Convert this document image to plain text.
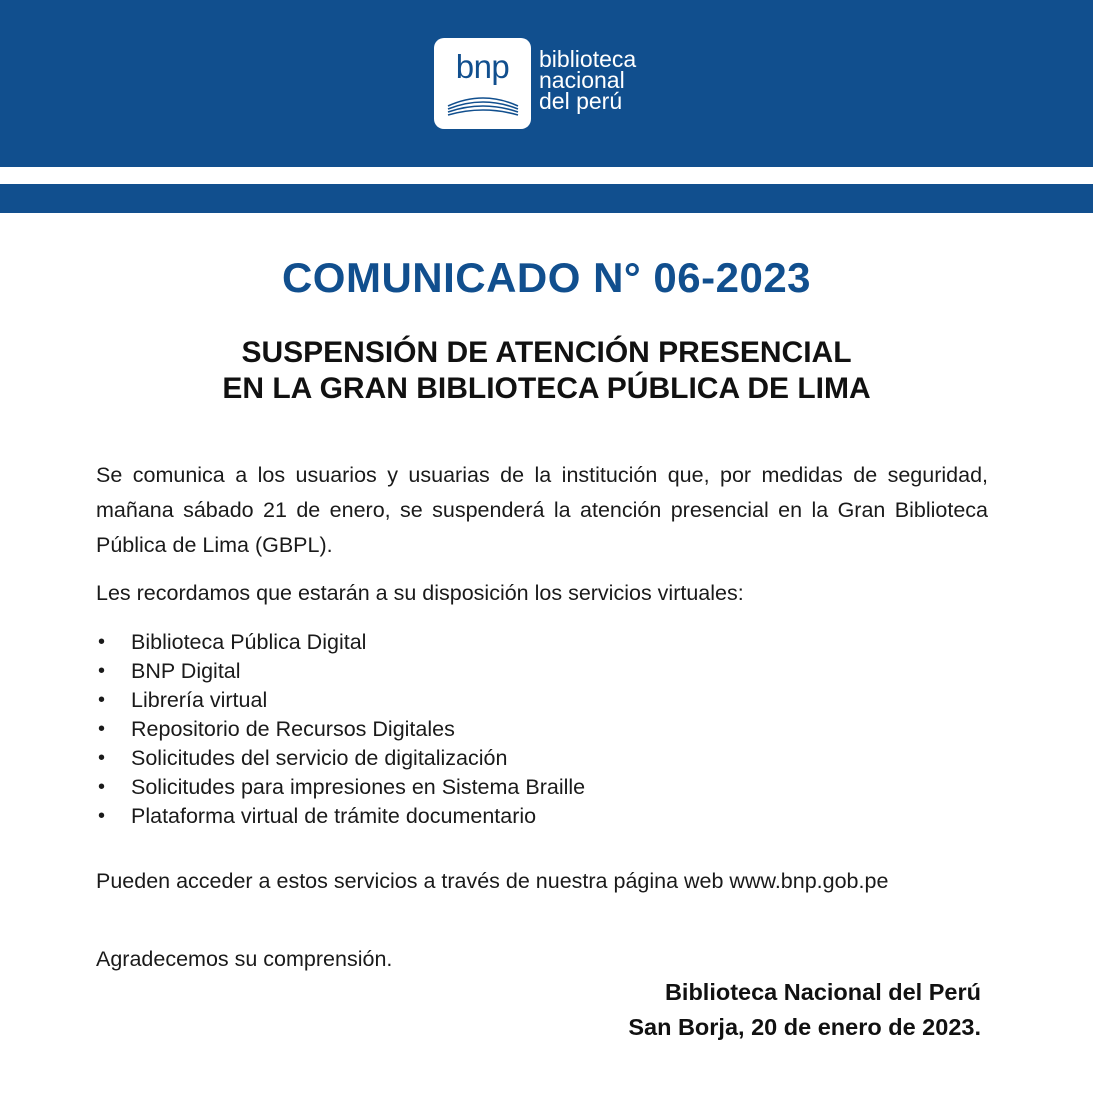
bnp	biblioteca
nacional
del perú
COMUNICADO N° 06-2023
SUSPENSIÓN DE ATENCIÓN PRESENCIAL
EN LA GRAN BIBLIOTECA PÚBLICA DE LIMA
Se comunica a los usuarios y usuarias de la institución que, por medidas de seguridad, mañana sábado 21 de enero, se suspenderá la atención presencial en la Gran Biblioteca Pública de Lima (GBPL).
Les recordamos que estarán a su disposición los servicios virtuales:
• Biblioteca Pública Digital
• BNP Digital
• Librería virtual
• Repositorio de Recursos Digitales
• Solicitudes del servicio de digitalización
• Solicitudes para impresiones en Sistema Braille
• Plataforma virtual de trámite documentario
Pueden acceder a estos servicios a través de nuestra página web www.bnp.gob.pe
Agradecemos su comprensión.
Biblioteca Nacional del Perú
San Borja, 20 de enero de 2023.
